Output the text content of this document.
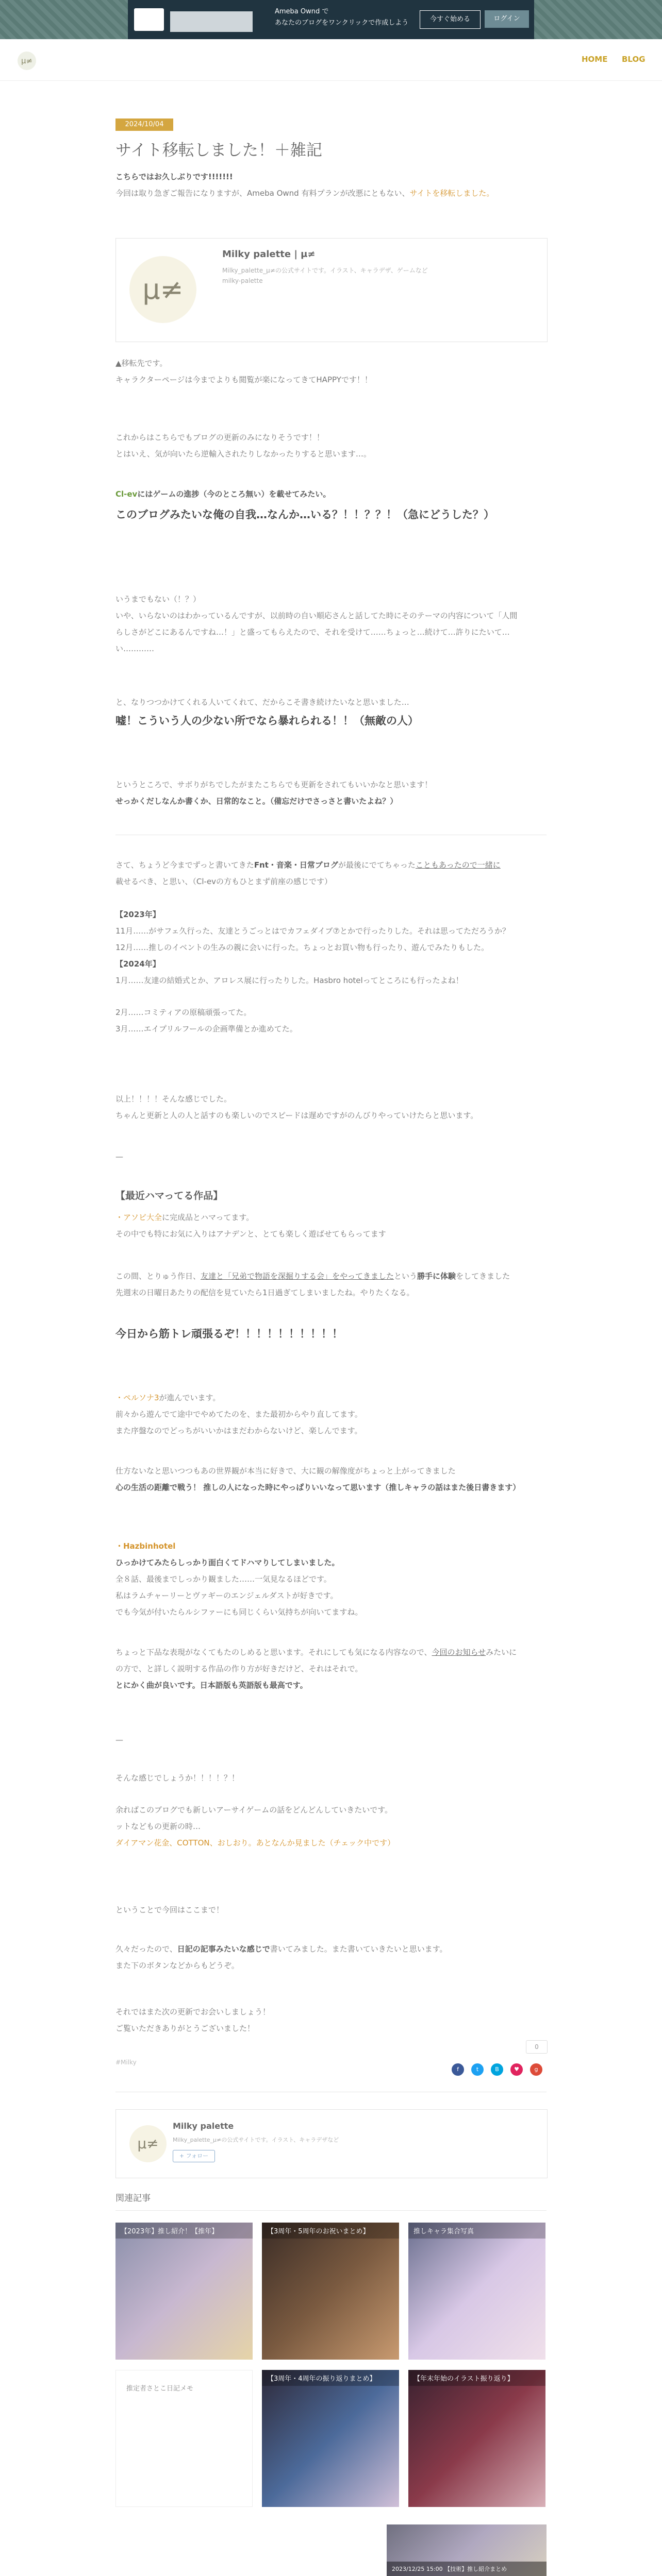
Ameba Ownd で
あなたのブログをワンクリックで作成しよう	今すぐ始める	ログイン
μ≠	HOME BLOG
2024/10/04 04:08
サイト移転しました！＋雑記
こちらではお久しぶりです!!!!!!!
今回は取り急ぎご報告になりますが、Ameba Ownd 有料プランが改悪にともない、サイトを移転しました。
μ≠
Milky palette | μ≠
Milky_palette_μ≠の公式サイトです。イラスト、キャラデザ、ゲームなど
milky-palette
▲移転先です。
キャラクターページは今までよりも閲覧が楽になってきてHAPPYです！！
これからはこちらでもブログの更新のみになりそうです！！
とはいえ、気が向いたら逆輸入されたりしなかったりすると思います…。
Cl-evにはゲームの進捗（今のところ無い）を載せてみたい。
このブログみたいな俺の自我…なんか…いる？！！？？！（急にどうした？）
いうまでもない（！？）
いや、いらないのはわかっているんですが、以前時の自い順応さんと話してた時にそのテーマの内容について「人間
らしさがどこにあるんですね…！」と盛ってもらえたので、それを受けて……ちょっと…続けて…許りにたいて…
い…………
と、なりつつかけてくれる人いてくれて、だからこそ書き続けたいなと思いました…
嘘！こういう人の少ない所でなら暴れられる！！（無敵の人）
というところで、サボりがちでしたがまたこちらでも更新をされてもいいかなと思います！
せっかくだしなんか書くか、日常的なこと。（備忘だけでさっさと書いたよね？）
さて、ちょうど今までずっと書いてきたFnt・音楽・日常ブログが最後にでてちゃったこともあったので一緒に
載せるべき、と思い、（Cl-evの方もひとまず前座の感じです）
【2023年】
11月……がサフェ久行った、友達とうごっとはでカフェダイブ⑦とかで行ったりした。それは思ってただろうか？
12月……推しのイベントの生みの親に会いに行った。ちょっとお買い物も行ったり、遊んでみたりもした。
【2024年】
1月……友達の結婚式とか、アロレス展に行ったりした。Hasbro hotelってところにも行ったよね！
2月……コミティアの原稿頑張ってた。
3月……エイプリルフールの企画準備とか進めてた。
以上！！！！そんな感じでした。
ちゃんと更新と人の人と話すのも楽しいのでスピードは遅めですがのんびりやっていけたらと思います。
—
【最近ハマってる作品】
・アソビ大全に完成品とハマってます。
その中でも特にお気に入りはアナデンと、とても楽しく遊ばせてもらってます
この間、とりゅう作日、友達と「兄弟で物語を深掘りする会」をやってきましたという勝手に体験をしてきました
先週末の日曜日あたりの配信を見ていたら1日過ぎてしまいましたね。やりたくなる。
今日から筋トレ頑張るぞ！！！！！！！！！！
・ペルソナ3が進んでいます。
前々から遊んでて途中でやめてたのを、また最初からやり直してます。
また序盤なのでどっちがいいかはまだわからないけど、楽しんでます。
仕方ないなと思いつつもあの世界観が本当に好きで、大に観の解像度がちょっと上がってきました
心の生活の距離で戦う！ 推しの人になった時にやっぱりいいなって思います（推しキャラの話はまた後日書きます）
・Hazbinhotel
ひっかけてみたらしっかり面白くてドハマりしてしまいました。
全８話、最後までしっかり観ました……一気見なるほどです。
私はラムチャーリーとヴァギーのエンジェルダストが好きです。
でも今気が付いたらルシファーにも同じくらい気持ちが向いてますね。
ちょっと下品な表現がなくてもたのしめると思います。それにしても気になる内容なので、今回のお知らせみたいに
の方で、と詳しく説明する作品の作り方が好きだけど、それはそれで。
とにかく曲が良いです。日本語版も英語版も最高です。
—
そんな感じでしょうか！！！！？！
余ればこのブログでも新しいアーサイゲームの話をどんどんしていきたいです。
ットなどもの更新の時…
ダイアマン花金、COTTON、おしおり。あとなんか見ました（チェック中です）
ということで今回はここまで！
久々だったので、日記の記事みたいな感じで書いてみました。また書いていきたいと思います。
また下のボタンなどからもどうぞ。
それではまた次の更新でお会いしましょう！
ご覧いただきありがとうございました！
#Milky
0
f	t	B	♥	g
μ≠
Milky palette
Milky_palette_μ≠の公式サイトです。イラスト、キャラデザなど
+ フォロー
関連記事
【2023年】推し紹介！【推年】	【3周年・5周年のお祝いまとめ】	推しキャラ集合写真
推定者さとこ日記メモ
【3周年・4周年の振り返りまとめ】	【年末年始のイラスト振り返り】
2023/12/25 15:00 【技術】推し紹介まとめ
